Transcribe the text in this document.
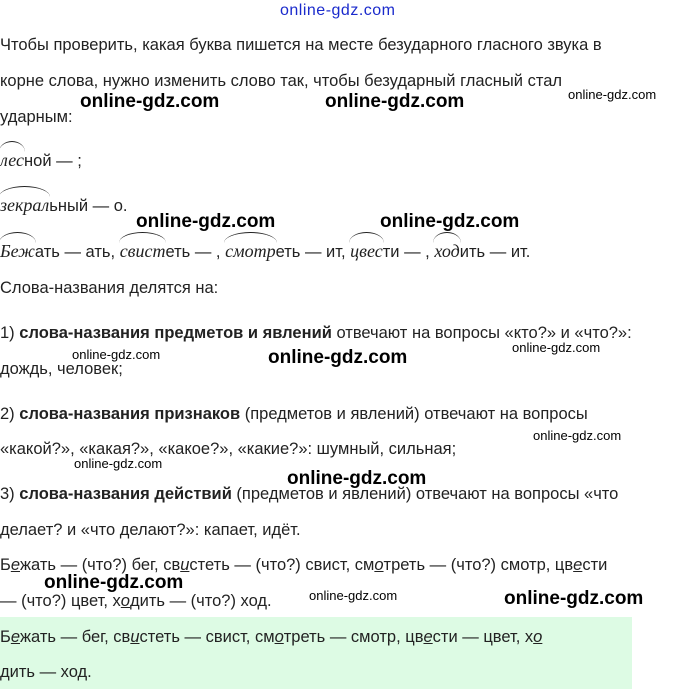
online-gdz.com
Чтобы проверить, какая буква пишется на месте безударного гласного звука в
корне слова, нужно изменить слово так, чтобы безударный гласный стал
ударным:
лесной — ;
зекральный — о.
Бежать — ать,
свистеть — ,
смотреть — ит,
цвести — ,
ходить — ит.
Слова-названия делятся на:
1) слова-названия предметов и явлений отвечают на вопросы «кто?» и «что?»:
дождь, человек;
2) слова-названия признаков (предметов и явлений) отвечают на вопросы
«какой?», «какая?», «какое?», «какие?»: шумный, сильная;
3) слова-названия действий (предметов и явлений) отвечают на вопросы «что
делает? и «что делают?»: капает, идёт.
Бежать — (что?) бег, свистеть — (что?) свист, смотреть — (что?) смотр, цвести
— (что?) цвет, ходить — (что?) ход.
Бежать — бег, свистеть — свист, смотреть — смотр, цвести — цвет, хо
дить — ход.
online-gdz.com	online-gdz.com	online-gdz.com
online-gdz.com	online-gdz.com
online-gdz.com	online-gdz.com	online-gdz.com
online-gdz.com
online-gdz.com
online-gdz.com
online-gdz.com
online-gdz.com	online-gdz.com
